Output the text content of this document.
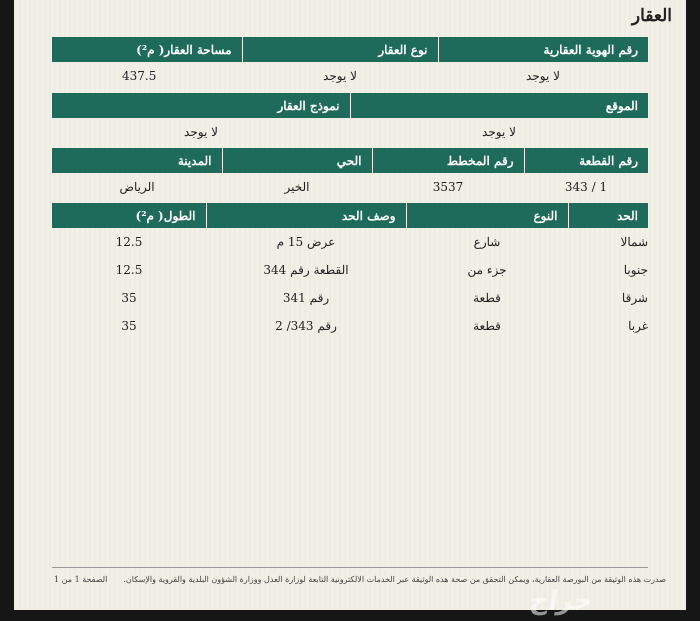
العقار
رقم الهوية العقارية	نوع العقار	مساحة العقار( م²)
لا يوجد	لا يوجد	437.5
الموقع	نموذج العقار
لا يوجد	لا يوجد
رقم القطعة	رقم المخطط	الحي	المدينة
1 / 343	3537	الخير	الرياض
الحد	النوع	وصف الحد	الطول( م²)
شمالا	شارع	عرض 15 م	12.5
جنوبا	جزء من	القطعة رقم 344	12.5
شرقا	قطعة	رقم 341	35
غربا	قطعة	رقم 343/ 2	35
صدرت هذه الوثيقة من البورصة العقارية، ويمكن التحقق من صحة هذه الوثيقة عبر الخدمات الالكترونية التابعة لوزارة العدل ووزارة الشؤون البلدية والقروية والإسكان.
الصفحة 1 من 1
حراج
